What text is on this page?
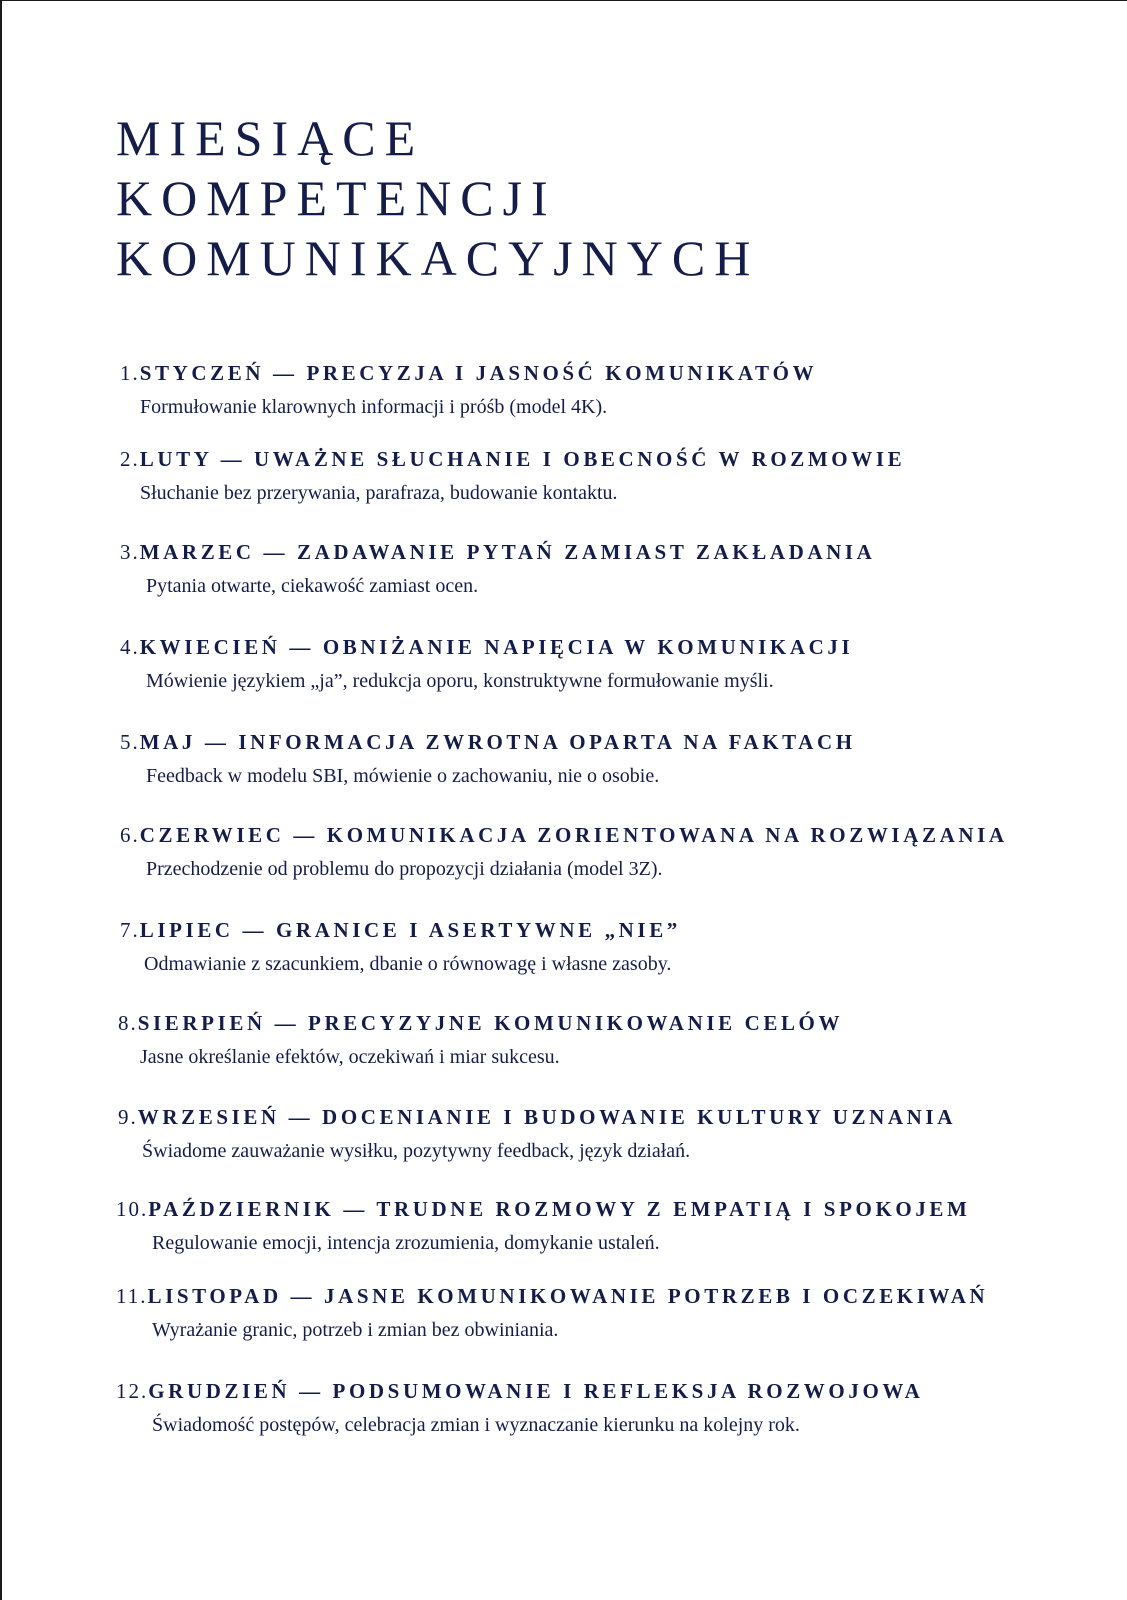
MIESIĄCE
KOMPETENCJI
KOMUNIKACYJNYCH
1.STYCZEŃ — PRECYZJA I JASNOŚĆ KOMUNIKATÓW
Formułowanie klarownych informacji i próśb (model 4K).
2.LUTY — UWAŻNE SŁUCHANIE I OBECNOŚĆ W ROZMOWIE
Słuchanie bez przerywania, parafraza, budowanie kontaktu.
3.MARZEC — ZADAWANIE PYTAŃ ZAMIAST ZAKŁADANIA
Pytania otwarte, ciekawość zamiast ocen.
4.KWIECIEŃ — OBNIŻANIE NAPIĘCIA W KOMUNIKACJI
Mówienie językiem „ja”, redukcja oporu, konstruktywne formułowanie myśli.
5.MAJ — INFORMACJA ZWROTNA OPARTA NA FAKTACH
Feedback w modelu SBI, mówienie o zachowaniu, nie o osobie.
6.CZERWIEC — KOMUNIKACJA ZORIENTOWANA NA ROZWIĄZANIA
Przechodzenie od problemu do propozycji działania (model 3Z).
7.LIPIEC — GRANICE I ASERTYWNE „NIE”
Odmawianie z szacunkiem, dbanie o równowagę i własne zasoby.
8.SIERPIEŃ — PRECYZYJNE KOMUNIKOWANIE CELÓW
Jasne określanie efektów, oczekiwań i miar sukcesu.
9.WRZESIEŃ — DOCENIANIE I BUDOWANIE KULTURY UZNANIA
Świadome zauważanie wysiłku, pozytywny feedback, język działań.
10.PAŹDZIERNIK — TRUDNE ROZMOWY Z EMPATIĄ I SPOKOJEM
Regulowanie emocji, intencja zrozumienia, domykanie ustaleń.
11.LISTOPAD — JASNE KOMUNIKOWANIE POTRZEB I OCZEKIWAŃ
Wyrażanie granic, potrzeb i zmian bez obwiniania.
12.GRUDZIEŃ — PODSUMOWANIE I REFLEKSJA ROZWOJOWA
Świadomość postępów, celebracja zmian i wyznaczanie kierunku na kolejny rok.
